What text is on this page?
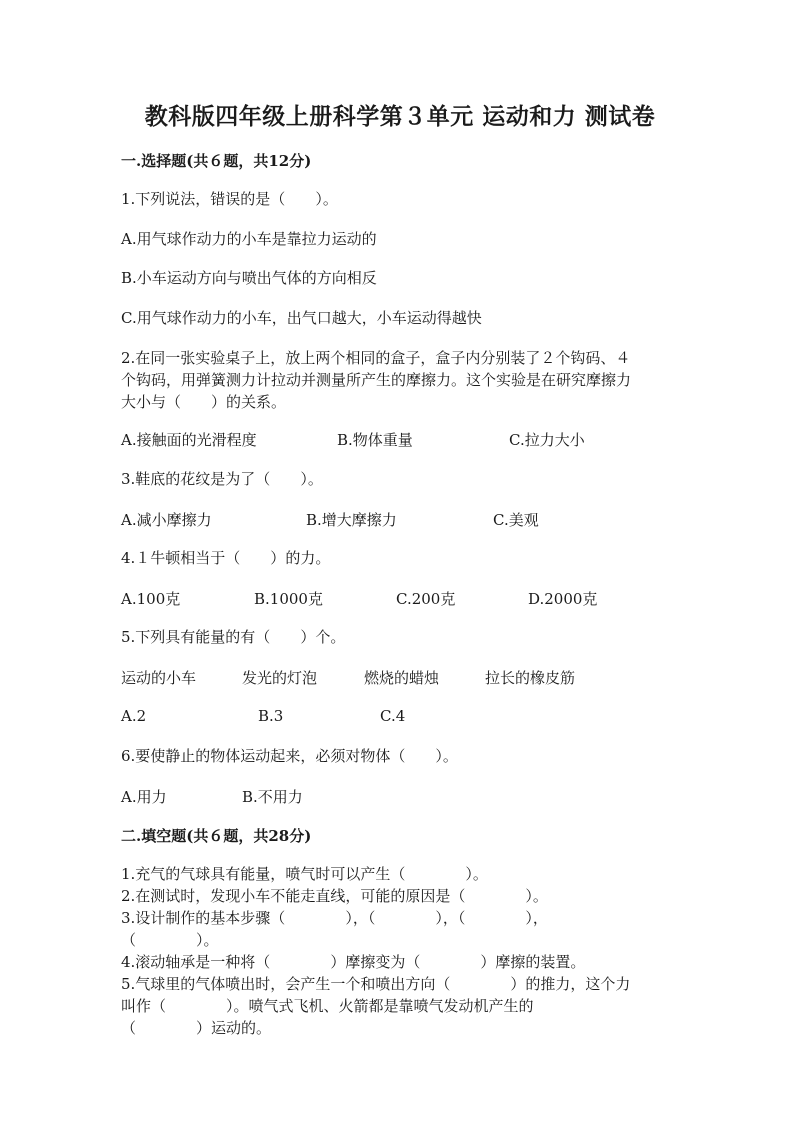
教科版四年级上册科学第３单元 运动和力 测试卷
一.选择题(共６题，共12分)
1.下列说法，错误的是（　　）。
A.用气球作动力的小车是靠拉力运动的
B.小车运动方向与喷出气体的方向相反
C.用气球作动力的小车，出气口越大，小车运动得越快
2.在同一张实验桌子上，放上两个相同的盒子，盒子内分别装了２个钩码、４
个钩码，用弹簧测力计拉动并测量所产生的摩擦力。这个实验是在研究摩擦力
大小与（　　）的关系。
A.接触面的光滑程度	B.物体重量	C.拉力大小
3.鞋底的花纹是为了（　　）。
A.减小摩擦力	B.增大摩擦力	C.美观
4.１牛顿相当于（　　）的力。
A.100克	B.1000克	C.200克	D.2000克
5.下列具有能量的有（　　）个。
运动的小车	发光的灯泡	燃烧的蜡烛	拉长的橡皮筋
A.2	B.3	C.4
6.要使静止的物体运动起来，必须对物体（　　）。
A.用力	B.不用力
二.填空题(共６题，共28分)
1.充气的气球具有能量，喷气时可以产生（　　　　）。
2.在测试时，发现小车不能走直线，可能的原因是（　　　　）。
3.设计制作的基本步骤（　　　　），（　　　　），（　　　　），
（　　　　）。
4.滚动轴承是一种将（　　　　）摩擦变为（　　　　）摩擦的装置。
5.气球里的气体喷出时，会产生一个和喷出方向（　　　　）的推力，这个力
叫作（　　　　）。喷气式飞机、火箭都是靠喷气发动机产生的
（　　　　）运动的。
